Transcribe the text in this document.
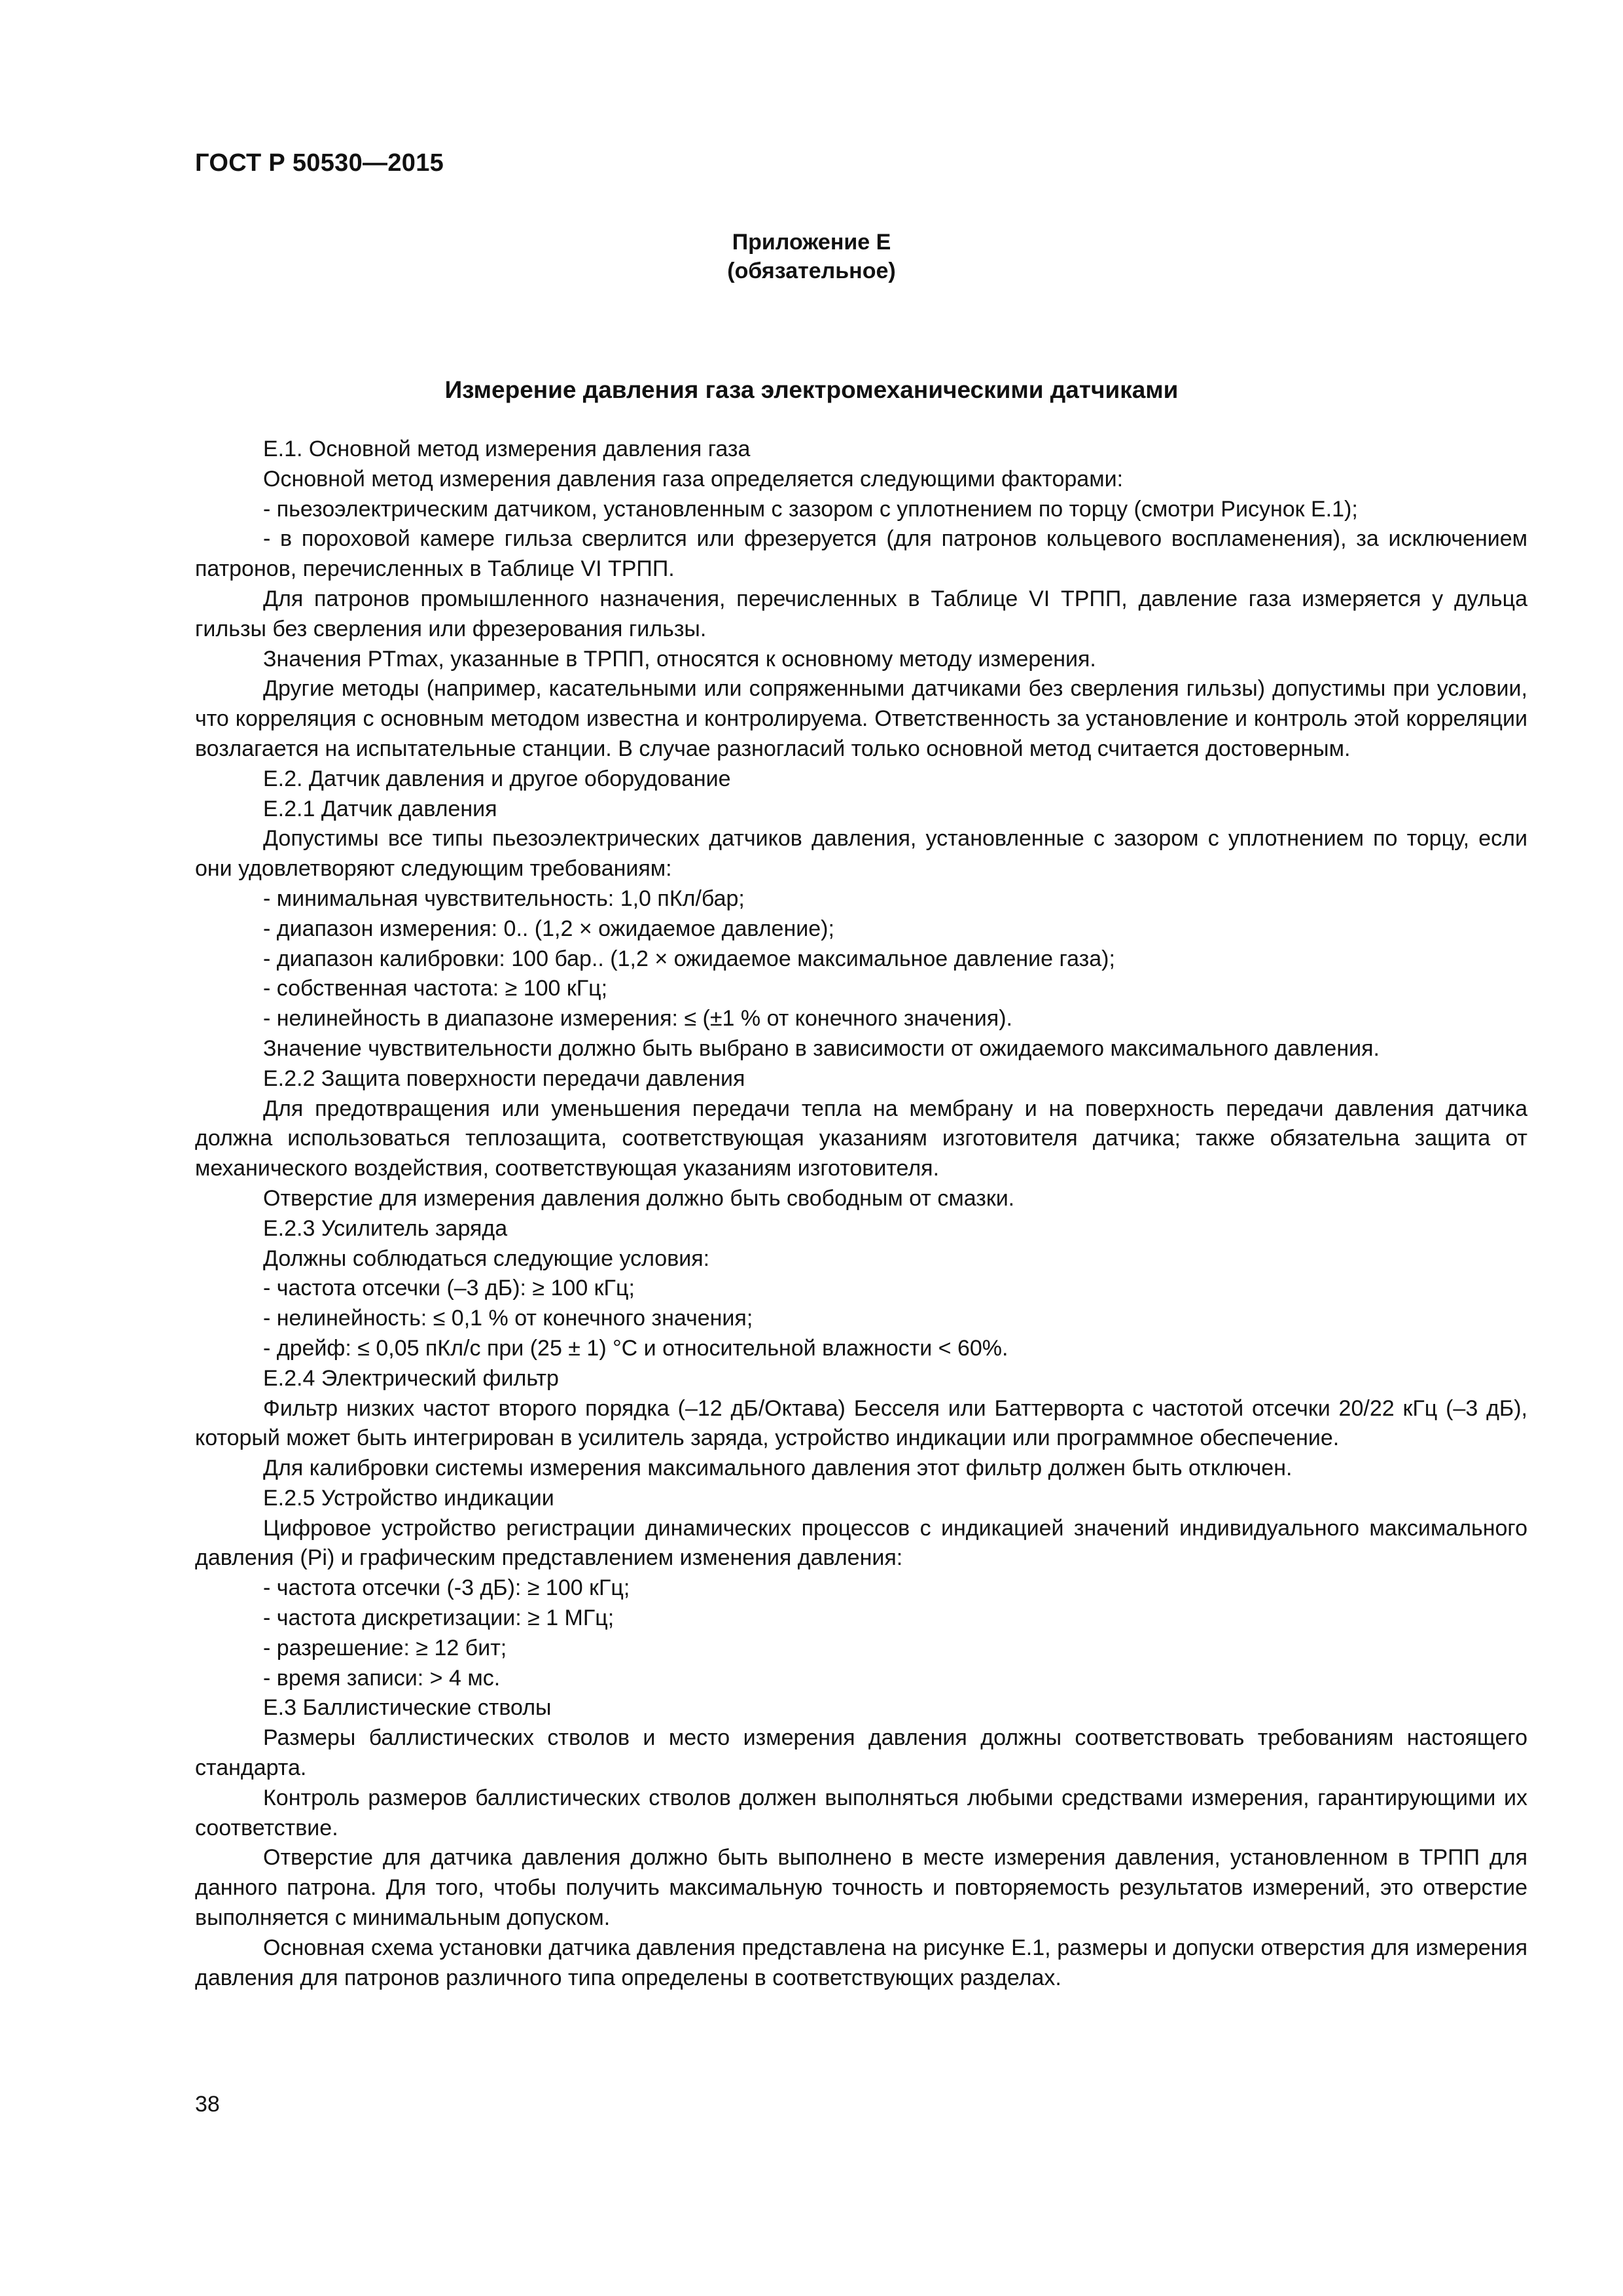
ГОСТ Р 50530—2015
Приложение Е
(обязательное)
Измерение давления газа электромеханическими датчиками

Е.1. Основной метод измерения давления газа

Основной метод измерения давления газа определяется следующими факторами:

- пьезоэлектрическим датчиком, установленным с зазором с уплотнением по торцу (смотри Рисунок Е.1);

- в пороховой камере гильза сверлится или фрезеруется (для патронов кольцевого воспламенения), за исключением патронов, перечисленных в Таблице VI ТРПП.

Для патронов промышленного назначения, перечисленных в Таблице VI ТРПП, давление газа измеряется у дульца гильзы без сверления или фрезерования гильзы.

Значения PTmax, указанные в ТРПП, относятся к основному методу измерения.

Другие методы (например, касательными или сопряженными датчиками без сверления гильзы) допустимы при условии, что корреляция с основным методом известна и контролируема. Ответственность за установление и контроль этой корреляции возлагается на испытательные станции. В случае разногласий только основной метод считается достоверным.

Е.2. Датчик давления и другое оборудование

Е.2.1 Датчик давления

Допустимы все типы пьезоэлектрических датчиков давления, установленные с зазором с уплотнением по торцу, если они удовлетворяют следующим требованиям:

- минимальная чувствительность: 1,0 пКл/бар;

- диапазон измерения: 0.. (1,2 × ожидаемое давление);

- диапазон калибровки: 100 бар.. (1,2 × ожидаемое максимальное давление газа);

- собственная частота: ≥ 100 кГц;

- нелинейность в диапазоне измерения: ≤ (±1 % от конечного значения).

Значение чувствительности должно быть выбрано в зависимости от ожидаемого максимального давления.

Е.2.2 Защита поверхности передачи давления

Для предотвращения или уменьшения передачи тепла на мембрану и на поверхность передачи давления датчика должна использоваться теплозащита, соответствующая указаниям изготовителя датчика; также обязательна защита от механического воздействия, соответствующая указаниям изготовителя.

Отверстие для измерения давления должно быть свободным от смазки.

Е.2.3 Усилитель заряда

Должны соблюдаться следующие условия:

- частота отсечки (–3 дБ): ≥ 100 кГц;

- нелинейность: ≤ 0,1 % от конечного значения;

- дрейф: ≤ 0,05 пКл/с при (25 ± 1) °С и относительной влажности < 60%.

Е.2.4 Электрический фильтр

Фильтр низких частот второго порядка (–12 дБ/Октава) Бесселя или Баттерворта с частотой отсечки 20/22 кГц (–3 дБ), который может быть интегрирован в усилитель заряда, устройство индикации или программное обеспечение.

Для калибровки системы измерения максимального давления этот фильтр должен быть отключен.

Е.2.5 Устройство индикации

Цифровое устройство регистрации динамических процессов с индикацией значений индивидуального максимального давления (Pi) и графическим представлением изменения давления:

- частота отсечки (-3 дБ): ≥ 100 кГц;

- частота дискретизации: ≥ 1 МГц;

- разрешение: ≥ 12 бит;

- время записи: > 4 мс.

Е.3 Баллистические стволы

Размеры баллистических стволов и место измерения давления должны соответствовать требованиям настоящего стандарта.

Контроль размеров баллистических стволов должен выполняться любыми средствами измерения, гарантирующими их соответствие.

Отверстие для датчика давления должно быть выполнено в месте измерения давления, установленном в ТРПП для данного патрона. Для того, чтобы получить максимальную точность и повторяемость результатов измерений, это отверстие выполняется с минимальным допуском.

Основная схема установки датчика давления представлена на рисунке Е.1, размеры и допуски отверстия для измерения давления для патронов различного типа определены в соответствующих разделах.

38
